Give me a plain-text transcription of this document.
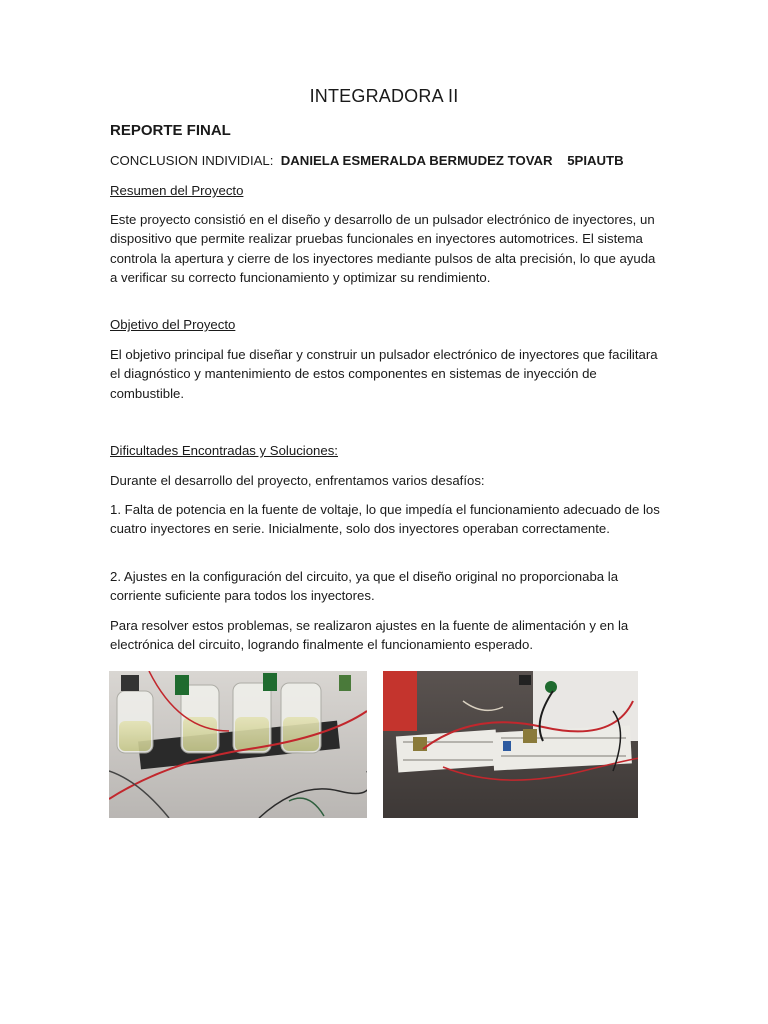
INTEGRADORA II
REPORTE FINAL
CONCLUSION INDIVIDIAL: DANIELA ESMERALDA BERMUDEZ TOVAR 5PIAUTB
Resumen del Proyecto

Este proyecto consistió en el diseño y desarrollo de un pulsador electrónico de inyectores, un dispositivo que permite realizar pruebas funcionales en inyectores automotrices. El sistema controla la apertura y cierre de los inyectores mediante pulsos de alta precisión, lo que ayuda a verificar su correcto funcionamiento y optimizar su rendimiento.

Objetivo del Proyecto

El objetivo principal fue diseñar y construir un pulsador electrónico de inyectores que facilitara el diagnóstico y mantenimiento de estos componentes en sistemas de inyección de combustible.

Dificultades Encontradas y Soluciones:

Durante el desarrollo del proyecto, enfrentamos varios desafíos:

1. Falta de potencia en la fuente de voltaje, lo que impedía el funcionamiento adecuado de los cuatro inyectores en serie. Inicialmente, solo dos inyectores operaban correctamente.

2. Ajustes en la configuración del circuito, ya que el diseño original no proporcionaba la corriente suficiente para todos los inyectores.

Para resolver estos problemas, se realizaron ajustes en la fuente de alimentación y en la electrónica del circuito, logrando finalmente el funcionamiento esperado.
